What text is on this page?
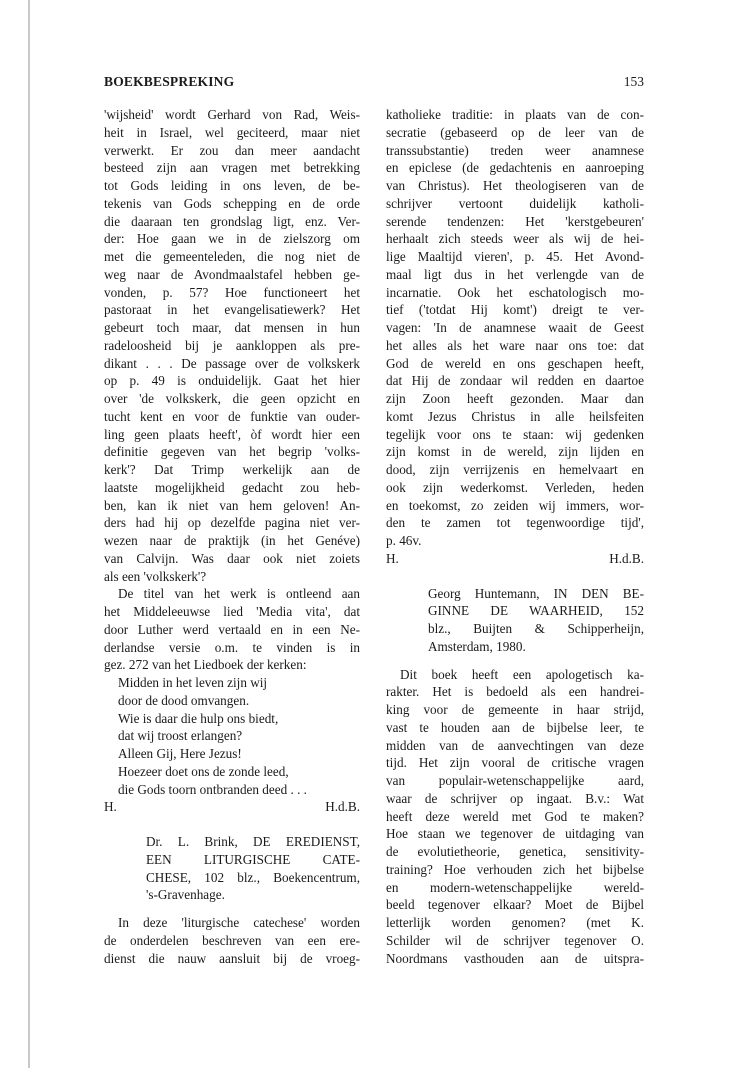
BOEKBESPREKING	153
'wijsheid' wordt Gerhard von Rad, Weis-
heit in Israel, wel geciteerd, maar niet
verwerkt. Er zou dan meer aandacht
besteed zijn aan vragen met betrekking
tot Gods leiding in ons leven, de be-
tekenis van Gods schepping en de orde
die daaraan ten grondslag ligt, enz. Ver-
der: Hoe gaan we in de zielszorg om
met die gemeenteleden, die nog niet de
weg naar de Avondmaalstafel hebben ge-
vonden, p. 57? Hoe functioneert het
pastoraat in het evangelisatiewerk? Het
gebeurt toch maar, dat mensen in hun
radeloosheid bij je aankloppen als pre-
dikant . . . De passage over de volkskerk
op p. 49 is onduidelijk. Gaat het hier
over 'de volkskerk, die geen opzicht en
tucht kent en voor de funktie van ouder-
ling geen plaats heeft', òf wordt hier een
definitie gegeven van het begrip 'volks-
kerk'? Dat Trimp werkelijk aan de
laatste mogelijkheid gedacht zou heb-
ben, kan ik niet van hem geloven! An-
ders had hij op dezelfde pagina niet ver-
wezen naar de praktijk (in het Genéve)
van Calvijn. Was daar ook niet zoiets
als een 'volkskerk'?
De titel van het werk is ontleend aan
het Middeleeuwse lied 'Media vita', dat
door Luther werd vertaald en in een Ne-
derlandse versie o.m. te vinden is in
gez. 272 van het Liedboek der kerken:
Midden in het leven zijn wij
door de dood omvangen.
Wie is daar die hulp ons biedt,
dat wij troost erlangen?
Alleen Gij, Here Jezus!
Hoezeer doet ons de zonde leed,
die Gods toorn ontbranden deed . . .
H.	H.d.B.
Dr. L. Brink, DE EREDIENST,
EEN LITURGISCHE CATE-
CHESE, 102 blz., Boekencentrum,
's-Gravenhage.
In deze 'liturgische catechese' worden
de onderdelen beschreven van een ere-
dienst die nauw aansluit bij de vroeg-
katholieke traditie: in plaats van de con-
secratie (gebaseerd op de leer van de
transsubstantie) treden weer anamnese
en epiclese (de gedachtenis en aanroeping
van Christus). Het theologiseren van de
schrijver vertoont duidelijk katholi-
serende tendenzen: Het 'kerstgebeuren'
herhaalt zich steeds weer als wij de hei-
lige Maaltijd vieren', p. 45. Het Avond-
maal ligt dus in het verlengde van de
incarnatie. Ook het eschatologisch mo-
tief ('totdat Hij komt') dreigt te ver-
vagen: 'In de anamnese waait de Geest
het alles als het ware naar ons toe: dat
God de wereld en ons geschapen heeft,
dat Hij de zondaar wil redden en daartoe
zijn Zoon heeft gezonden. Maar dan
komt Jezus Christus in alle heilsfeiten
tegelijk voor ons te staan: wij gedenken
zijn komst in de wereld, zijn lijden en
dood, zijn verrijzenis en hemelvaart en
ook zijn wederkomst. Verleden, heden
en toekomst, zo zeiden wij immers, wor-
den te zamen tot tegenwoordige tijd',
p. 46v.
H.	H.d.B.
Georg Huntemann, IN DEN BE-
GINNE DE WAARHEID, 152
blz., Buijten & Schipperheijn,
Amsterdam, 1980.
Dit boek heeft een apologetisch ka-
rakter. Het is bedoeld als een handrei-
king voor de gemeente in haar strijd,
vast te houden aan de bijbelse leer, te
midden van de aanvechtingen van deze
tijd. Het zijn vooral de critische vragen
van populair-wetenschappelijke aard,
waar de schrijver op ingaat. B.v.: Wat
heeft deze wereld met God te maken?
Hoe staan we tegenover de uitdaging van
de evolutietheorie, genetica, sensitivity-
training? Hoe verhouden zich het bijbelse
en modern-wetenschappelijke wereld-
beeld tegenover elkaar? Moet de Bijbel
letterlijk worden genomen? (met K.
Schilder wil de schrijver tegenover O.
Noordmans vasthouden aan de uitspra-
